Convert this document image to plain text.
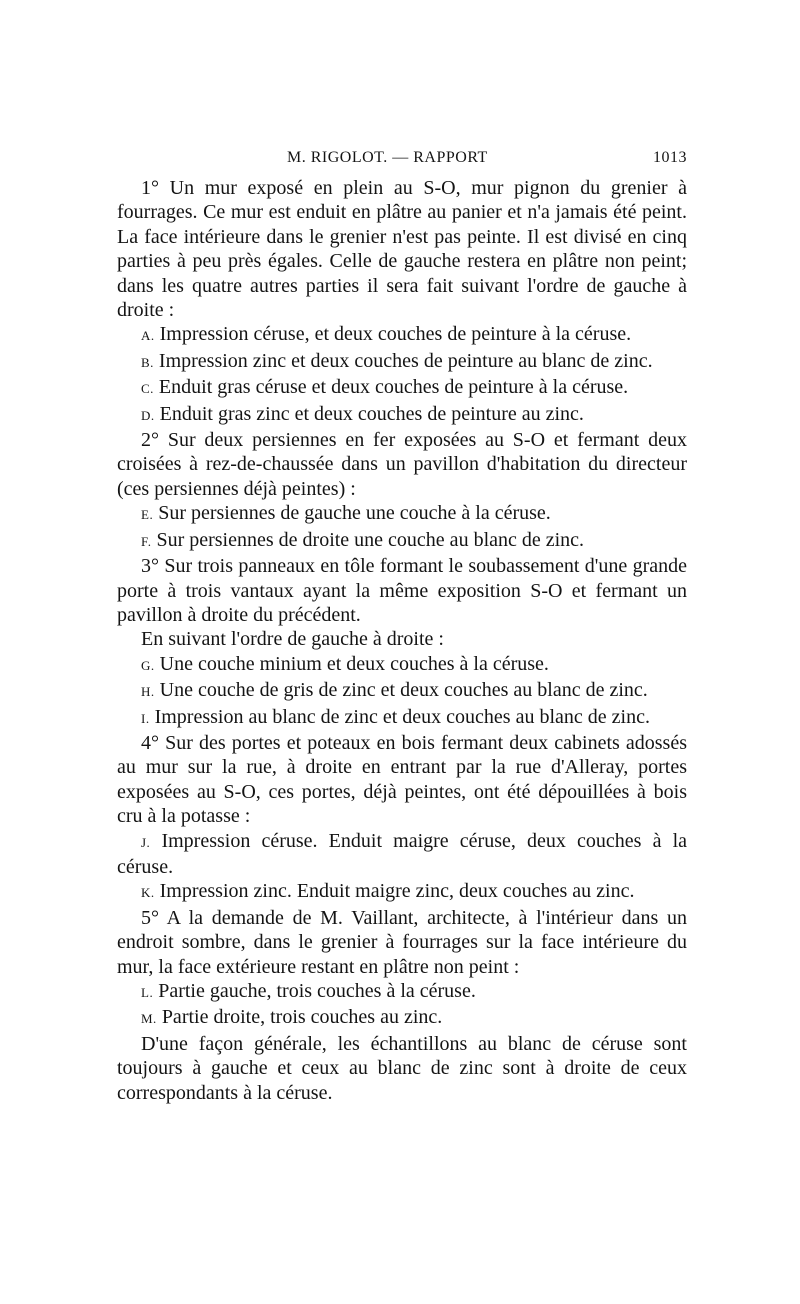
M. RIGOLOT. — RAPPORT	1013

1° Un mur exposé en plein au S-O, mur pignon du grenier à fourrages. Ce mur est enduit en plâtre au panier et n'a jamais été peint. La face intérieure dans le grenier n'est pas peinte. Il est divisé en cinq parties à peu près égales. Celle de gauche restera en plâtre non peint; dans les quatre autres parties il sera fait suivant l'ordre de gauche à droite :

A. Impression céruse, et deux couches de peinture à la céruse.

B. Impression zinc et deux couches de peinture au blanc de zinc.

C. Enduit gras céruse et deux couches de peinture à la céruse.

D. Enduit gras zinc et deux couches de peinture au zinc.

2° Sur deux persiennes en fer exposées au S-O et fermant deux croisées à rez-de-chaussée dans un pavillon d'habitation du directeur (ces persiennes déjà peintes) :

E. Sur persiennes de gauche une couche à la céruse.

F. Sur persiennes de droite une couche au blanc de zinc.

3° Sur trois panneaux en tôle formant le soubassement d'une grande porte à trois vantaux ayant la même exposition S-O et fermant un pavillon à droite du précédent.

En suivant l'ordre de gauche à droite :

G. Une couche minium et deux couches à la céruse.

H. Une couche de gris de zinc et deux couches au blanc de zinc.

I. Impression au blanc de zinc et deux couches au blanc de zinc.

4° Sur des portes et poteaux en bois fermant deux cabinets adossés au mur sur la rue, à droite en entrant par la rue d'Alleray, portes exposées au S-O, ces portes, déjà peintes, ont été dépouillées à bois cru à la potasse :

J. Impression céruse. Enduit maigre céruse, deux couches à la céruse.

K. Impression zinc. Enduit maigre zinc, deux couches au zinc.

5° A la demande de M. Vaillant, architecte, à l'intérieur dans un endroit sombre, dans le grenier à fourrages sur la face intérieure du mur, la face extérieure restant en plâtre non peint :

L. Partie gauche, trois couches à la céruse.

M. Partie droite, trois couches au zinc.

D'une façon générale, les échantillons au blanc de céruse sont toujours à gauche et ceux au blanc de zinc sont à droite de ceux correspondants à la céruse.
